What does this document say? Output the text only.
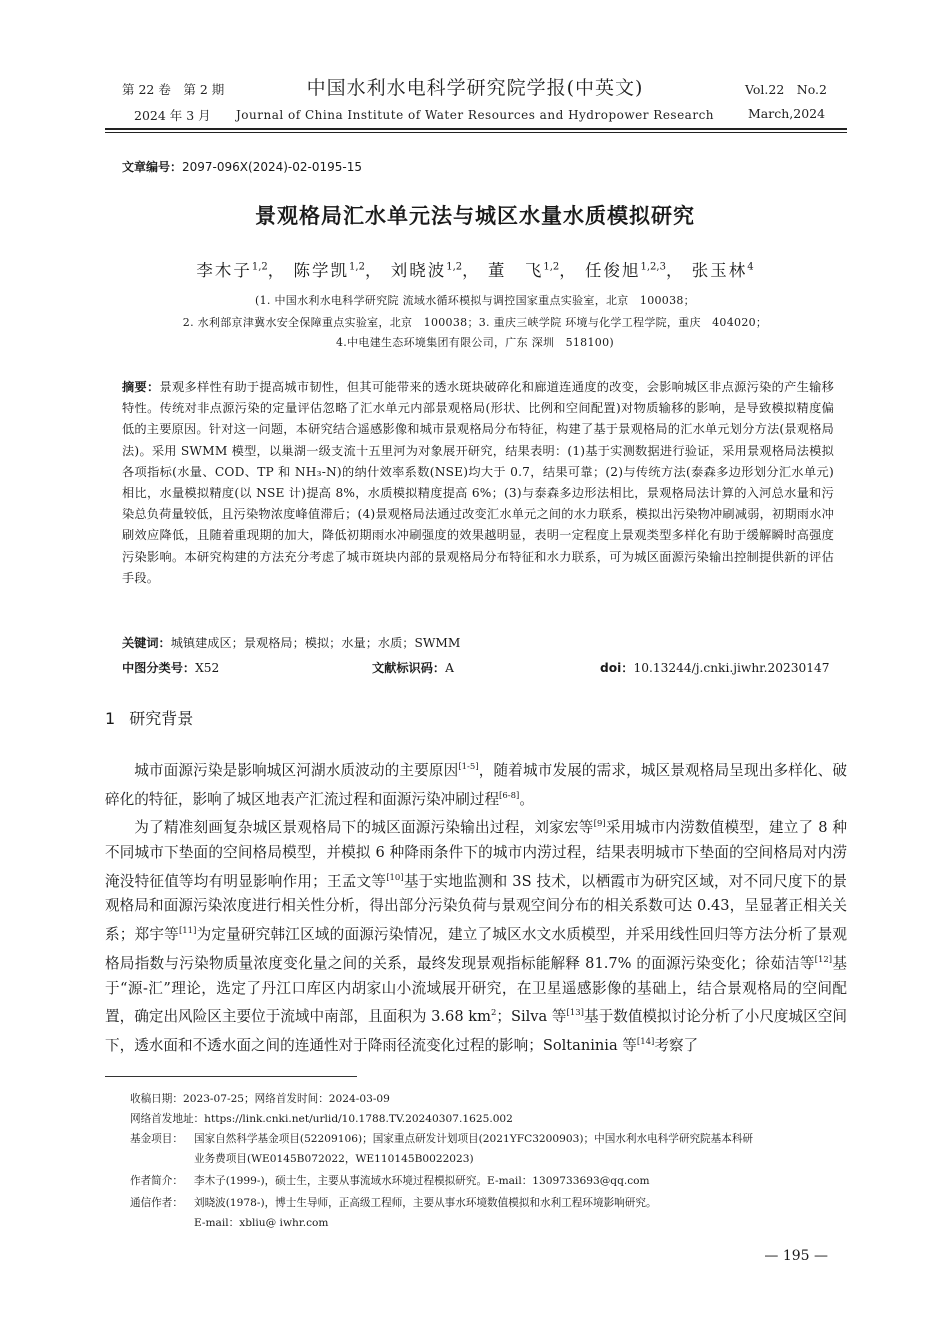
第 22 卷　第 2 期
2024 年 3 月
中国水利水电科学研究院学报(中英文)
Journal of China Institute of Water Resources and Hydropower Research
Vol.22　No.2
March,2024
文章编号：2097-096X(2024)-02-0195-15
景观格局汇水单元法与城区水量水质模拟研究
李木子$^{1,2}$， 陈学凯$^{1,2}$， 刘晓波$^{1,2}$， 董　飞$^{1,2}$， 任俊旭$^{1,2,3}$， 张玉林$^4$
(1. 中国水利水电科学研究院 流域水循环模拟与调控国家重点实验室，北京　100038；
2. 水利部京津冀水安全保障重点实验室，北京　100038；3. 重庆三峡学院 环境与化学工程学院，重庆　404020；
4.中电建生态环境集团有限公司，广东 深圳　518100)
摘要：景观多样性有助于提高城市韧性，但其可能带来的透水斑块破碎化和廊道连通度的改变，会影响城区非点源污染的产生输移特性。传统对非点源污染的定量评估忽略了汇水单元内部景观格局(形状、比例和空间配置)对物质输移的影响，是导致模拟精度偏低的主要原因。针对这一问题，本研究结合遥感影像和城市景观格局分布特征，构建了基于景观格局的汇水单元划分方法(景观格局法)。采用 SWMM 模型，以巢湖一级支流十五里河为对象展开研究，结果表明：(1)基于实测数据进行验证，采用景观格局法模拟各项指标(水量、COD、TP 和 NH₃-N)的纳什效率系数(NSE)均大于 0.7，结果可靠；(2)与传统方法(泰森多边形划分汇水单元)相比，水量模拟精度(以 NSE 计)提高 8%，水质模拟精度提高 6%；(3)与泰森多边形法相比，景观格局法计算的入河总水量和污染总负荷量较低，且污染物浓度峰值滞后；(4)景观格局法通过改变汇水单元之间的水力联系，模拟出污染物冲刷减弱，初期雨水冲刷效应降低，且随着重现期的加大，降低初期雨水冲刷强度的效果越明显，表明一定程度上景观类型多样化有助于缓解瞬时高强度污染影响。本研究构建的方法充分考虑了城市斑块内部的景观格局分布特征和水力联系，可为城区面源污染输出控制提供新的评估手段。
关键词：城镇建成区；景观格局；模拟；水量；水质；SWMM
中图分类号：X52	文献标识码：A	doi：10.13244/j.cnki.jiwhr.20230147
1 研究背景

城市面源污染是影响城区河湖水质波动的主要原因[1-5]，随着城市发展的需求，城区景观格局呈现出多样化、破碎化的特征，影响了城区地表产汇流过程和面源污染冲刷过程[6-8]。

为了精准刻画复杂城区景观格局下的城区面源污染输出过程，刘家宏等[9]采用城市内涝数值模型，建立了 8 种不同城市下垫面的空间格局模型，并模拟 6 种降雨条件下的城市内涝过程，结果表明城市下垫面的空间格局对内涝淹没特征值等均有明显影响作用；王孟文等[10]基于实地监测和 3S 技术，以栖霞市为研究区域，对不同尺度下的景观格局和面源污染浓度进行相关性分析，得出部分污染负荷与景观空间分布的相关系数可达 0.43，呈显著正相关关系；郑宇等[11]为定量研究韩江区域的面源污染情况，建立了城区水文水质模型，并采用线性回归等方法分析了景观格局指数与污染物质量浓度变化量之间的关系，最终发现景观指标能解释 81.7% 的面源污染变化；徐茹洁等[12]基于“源-汇”理论，选定了丹江口库区内胡家山小流域展开研究，在卫星遥感影像的基础上，结合景观格局的空间配置，确定出风险区主要位于流域中南部，且面积为 3.68 $km^2$；Silva 等[13]基于数值模拟讨论分析了小尺度城区空间下，透水面和不透水面之间的连通性对于降雨径流变化过程的影响；Soltaninia 等[14]考察了

收稿日期：2023-07-25；网络首发时间：2024-03-09
网络首发地址：https://link.cnki.net/urlid/10.1788.TV.20240307.1625.002
基金项目： 国家自然科学基金项目(52209106)；国家重点研发计划项目(2021YFC3200903)；中国水利水电科学研究院基本科研
业务费项目(WE0145B072022，WE110145B0022023)
作者简介： 李木子(1999-)，硕士生，主要从事流域水环境过程模拟研究。E-mail：1309733693@qq.com
通信作者： 刘晓波(1978-)，博士生导师，正高级工程师，主要从事水环境数值模拟和水利工程环境影响研究。
E-mail：xbliu@ iwhr.com
— 195 —
